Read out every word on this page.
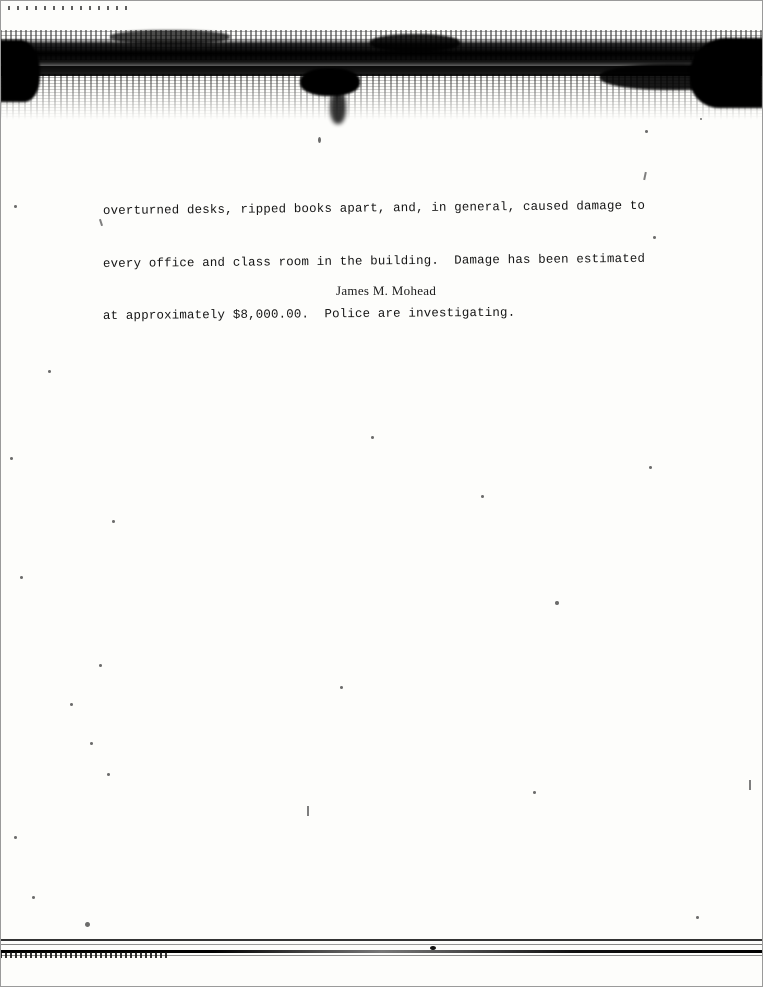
overturned desks, ripped books apart, and, in general, caused damage to

every office and class room in the building.  Damage has been estimated

at approximately $8,000.00.  Police are investigating.

James M. Mohead
